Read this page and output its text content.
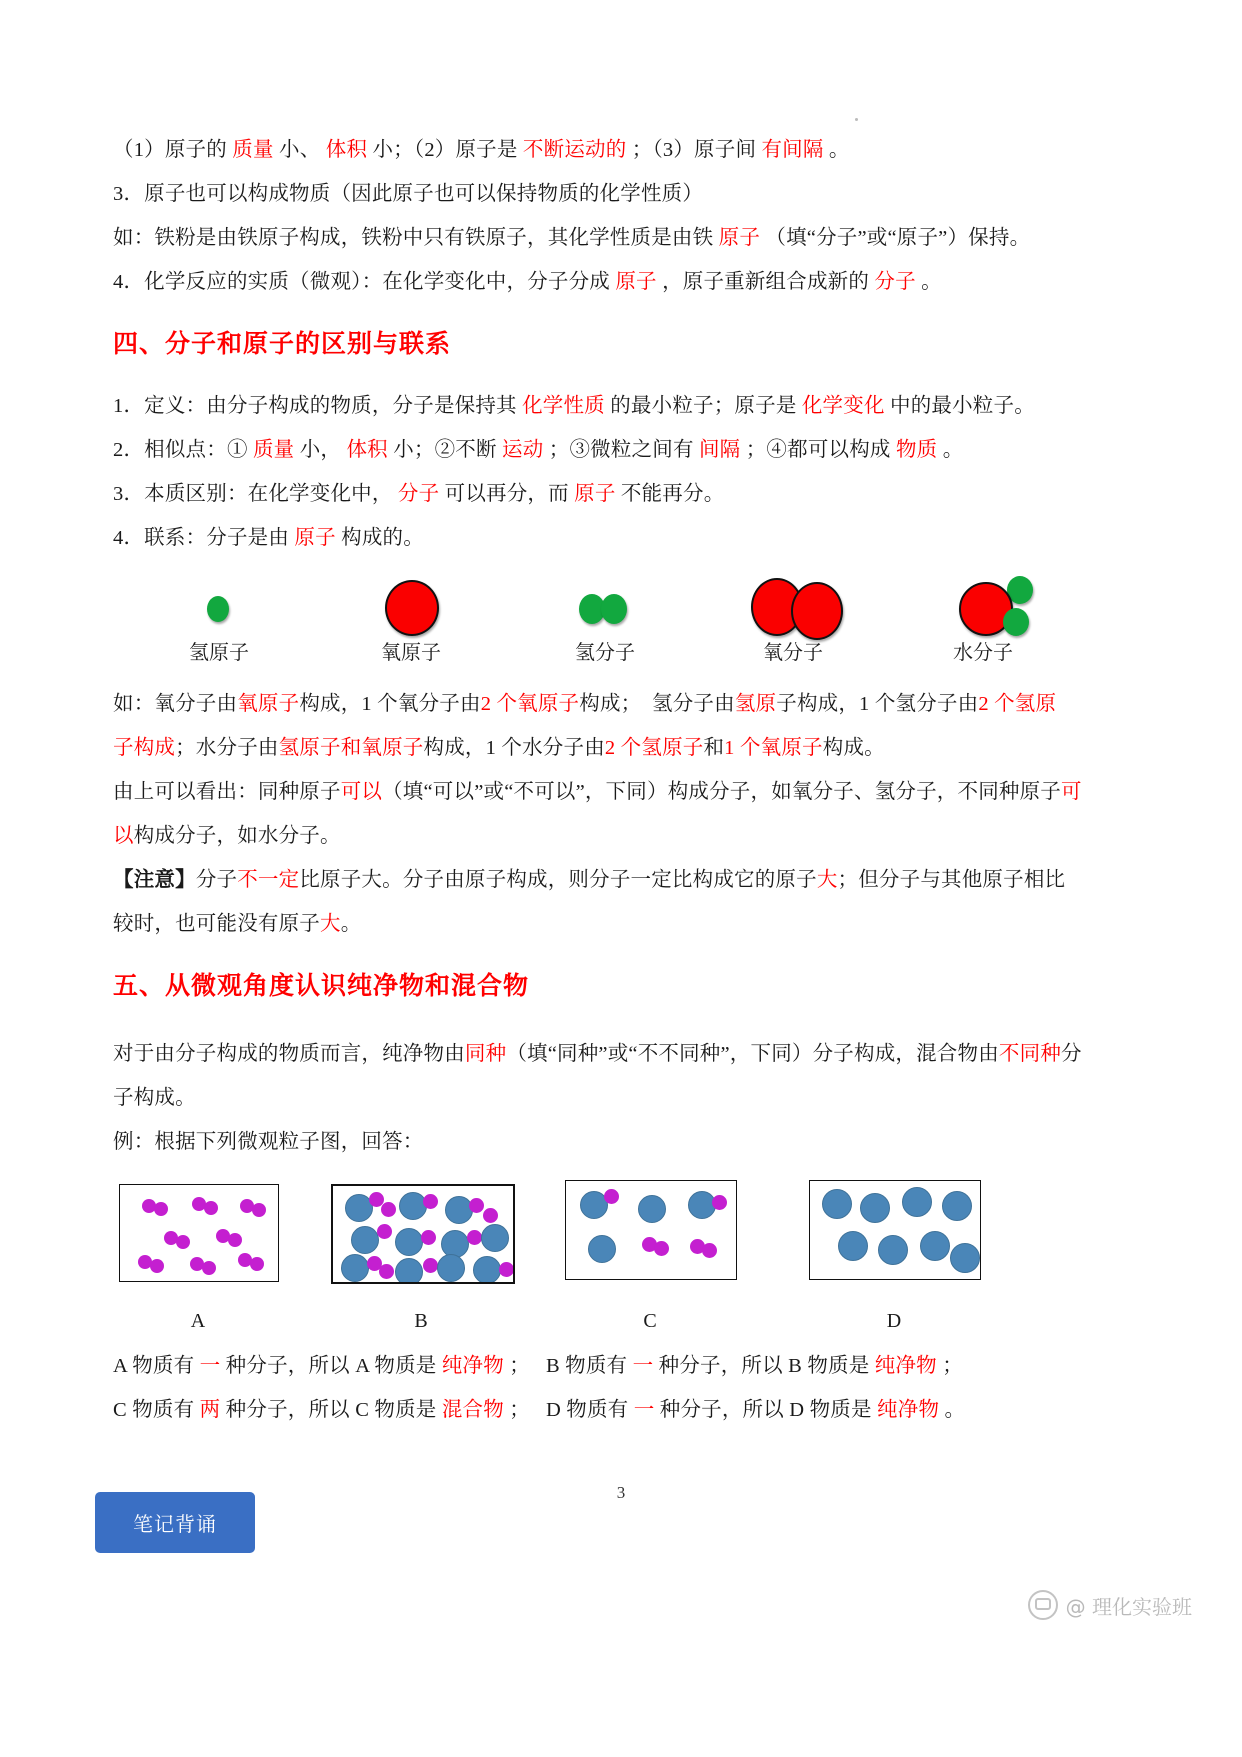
（1）原子的 质量 小、 体积 小；（2）原子是 不断运动的 ；（3）原子间 有间隔 。
3．原子也可以构成物质（因此原子也可以保持物质的化学性质）
如：铁粉是由铁原子构成，铁粉中只有铁原子，其化学性质是由铁 原子 （填“分子”或“原子”）保持。
4．化学反应的实质（微观）：在化学变化中，分子分成 原子 ，原子重新组合成新的 分子 。
四、分子和原子的区别与联系
1．定义：由分子构成的物质，分子是保持其 化学性质 的最小粒子；原子是 化学变化 中的最小粒子。
2．相似点：① 质量 小， 体积 小；②不断 运动 ；③微粒之间有 间隔 ；④都可以构成 物质 。
3．本质区别：在化学变化中， 分子 可以再分，而 原子 不能再分。
4．联系：分子是由 原子 构成的。
氢原子	氧原子	氢分子	氧分子	水分子
如：氧分子由氧原子构成，1 个氧分子由2 个氧原子构成； 氢分子由氢原子构成，1 个氢分子由2 个氢原
子构成；水分子由氢原子和氧原子构成，1 个水分子由2 个氢原子和1 个氧原子构成。
由上可以看出：同种原子可以（填“可以”或“不可以”，下同）构成分子，如氧分子、氢分子，不同种原子可
以构成分子，如水分子。
【注意】分子不一定比原子大。分子由原子构成，则分子一定比构成它的原子大；但分子与其他原子相比
较时，也可能没有原子大。
五、从微观角度认识纯净物和混合物
对于由分子构成的物质而言，纯净物由同种（填“同种”或“不不同种”，下同）分子构成，混合物由不同种分
子构成。
例：根据下列微观粒子图，回答：
A	B	C	D
A 物质有 一 种分子，所以 A 物质是 纯净物 ； B 物质有 一 种分子，所以 B 物质是 纯净物 ；
C 物质有 两 种分子，所以 C 物质是 混合物 ； D 物质有 一 种分子，所以 D 物质是 纯净物 。
笔记背诵
3
@ 理化实验班
